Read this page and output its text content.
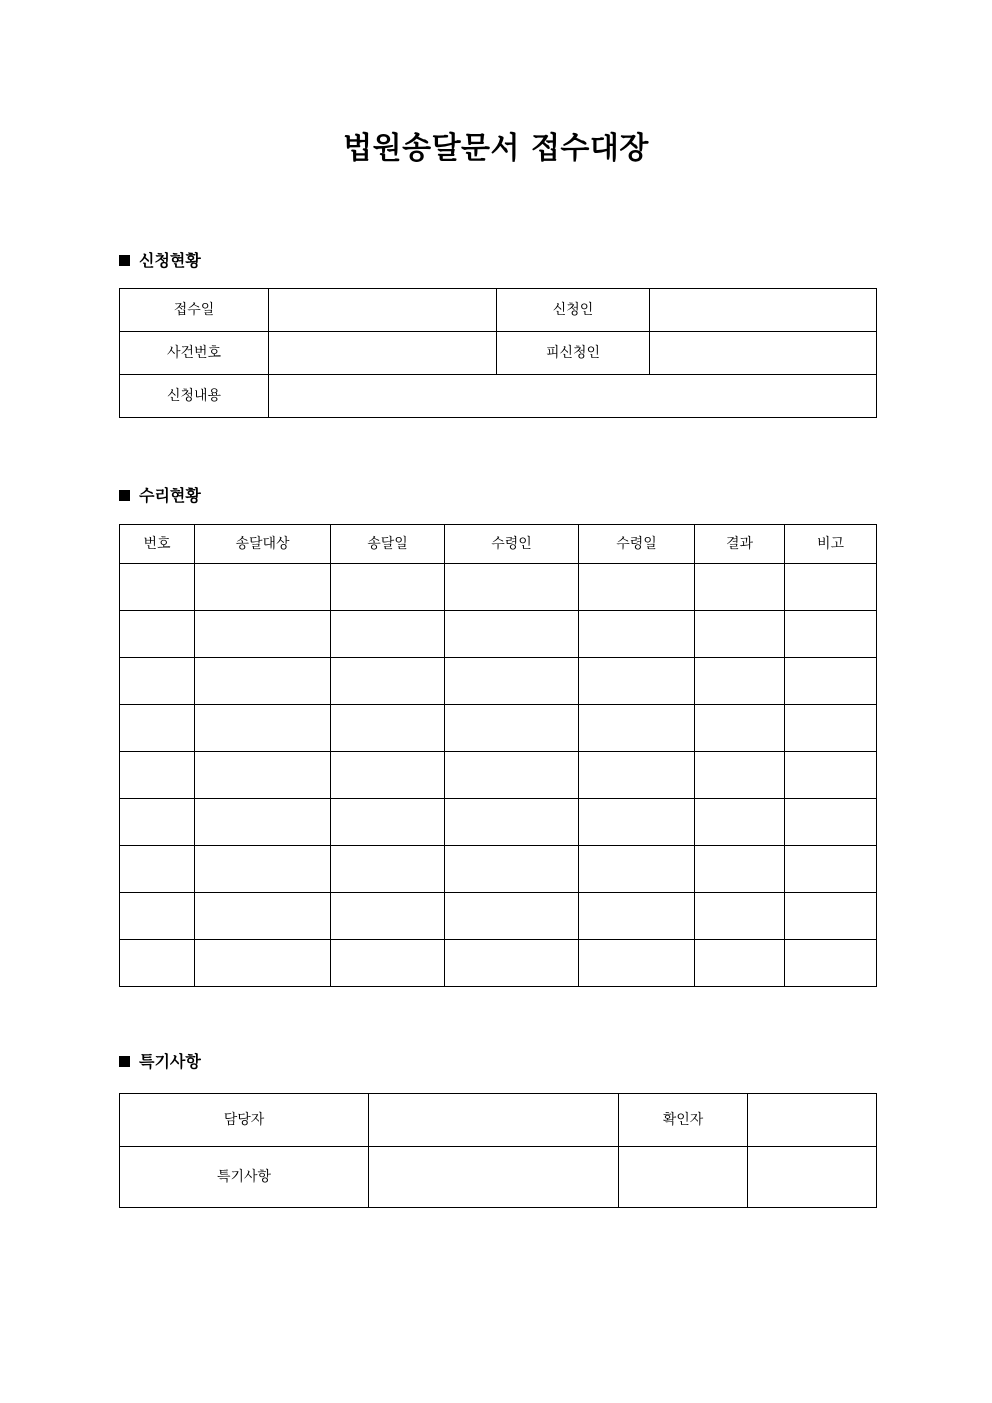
법원송달문서 접수대장
신청현황
접수일		신청인	
사건번호		피신청인	
신청내용			
수리현황
번호	송달대상	송달일	수령인	수령일	결과	비고

특기사항
담당자		확인자	
특기사항			
